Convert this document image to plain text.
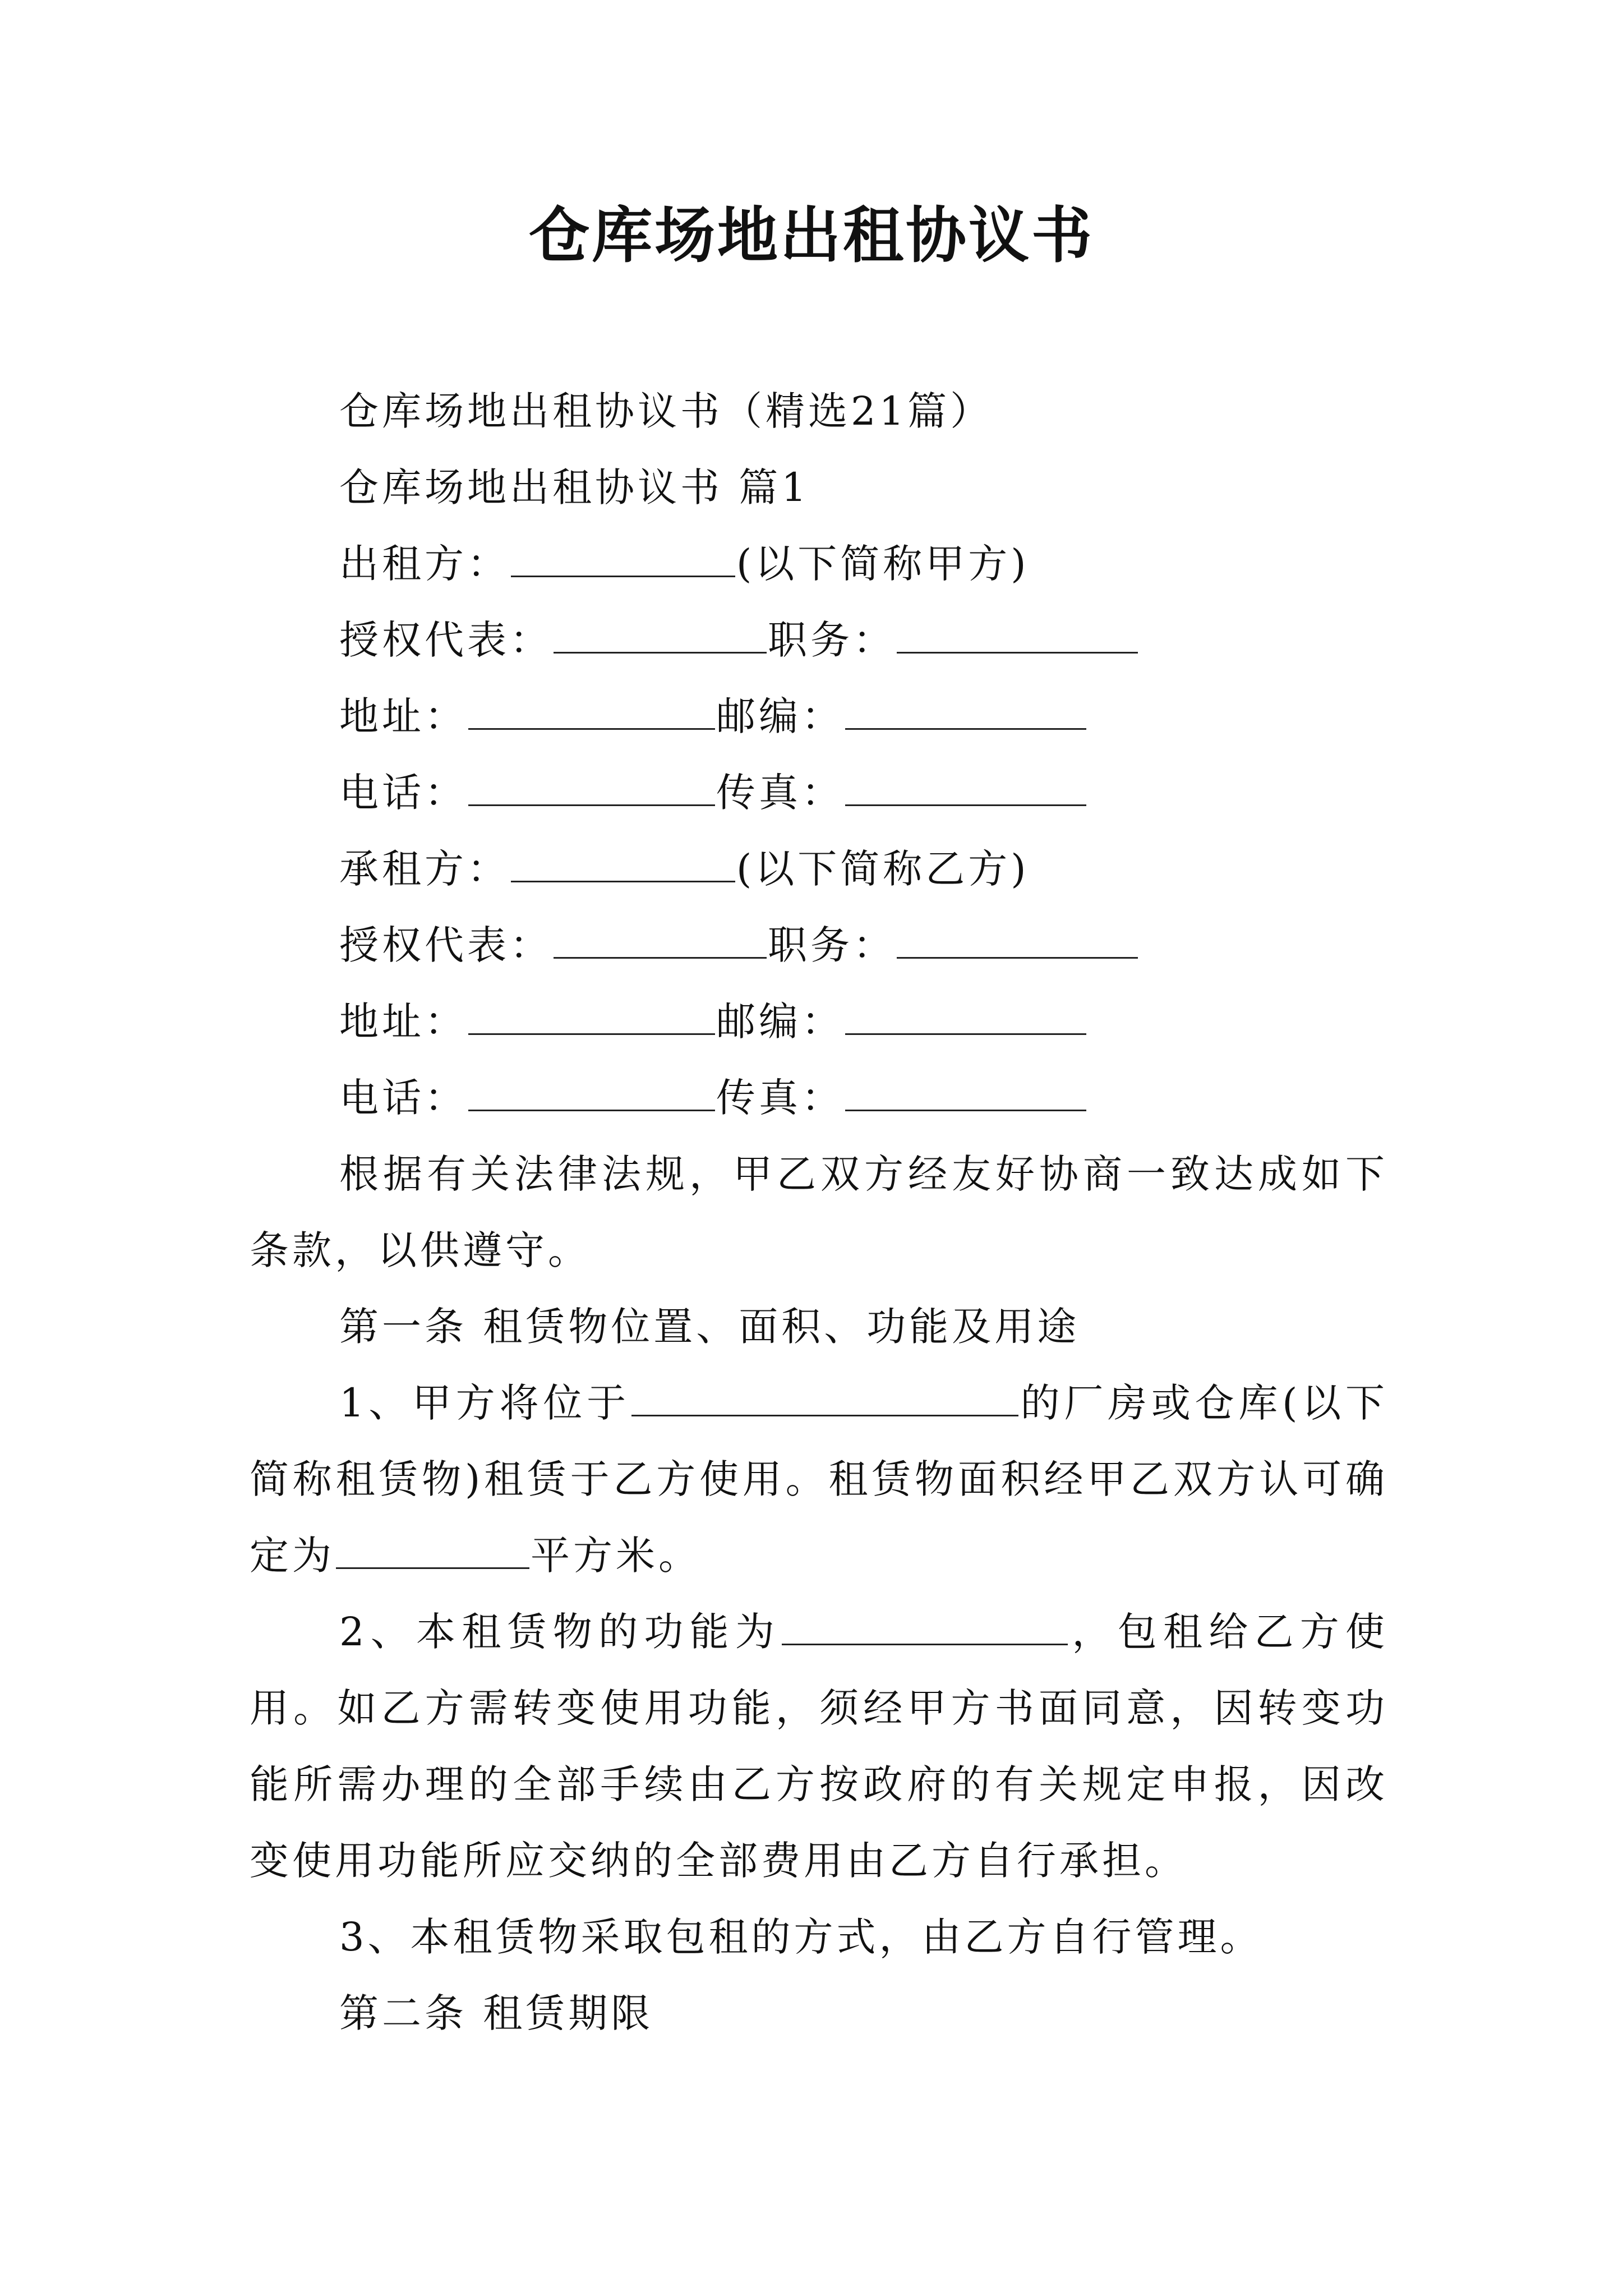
仓库场地出租协议书

仓库场地出租协议书（精选21篇）

仓库场地出租协议书 篇1

出租方：	(以下简称甲方)

授权代表：	职务：

地址：	邮编：

电话：	传真：

承租方：	(以下简称乙方)

授权代表：	职务：

地址：	邮编：

电话：	传真：

根据有关法律法规，甲乙双方经友好协商一致达成如下条款，以供遵守。

第一条 租赁物位置、面积、功能及用途

1、甲方将位于	的厂房或仓库(以下简称租赁物)租赁于乙方使用。租赁物面积经甲乙双方认可确定为	平方米。

2、本租赁物的功能为	，包租给乙方使用。如乙方需转变使用功能，须经甲方书面同意，因转变功能所需办理的全部手续由乙方按政府的有关规定申报，因改变使用功能所应交纳的全部费用由乙方自行承担。

3、本租赁物采取包租的方式，由乙方自行管理。

第二条 租赁期限
